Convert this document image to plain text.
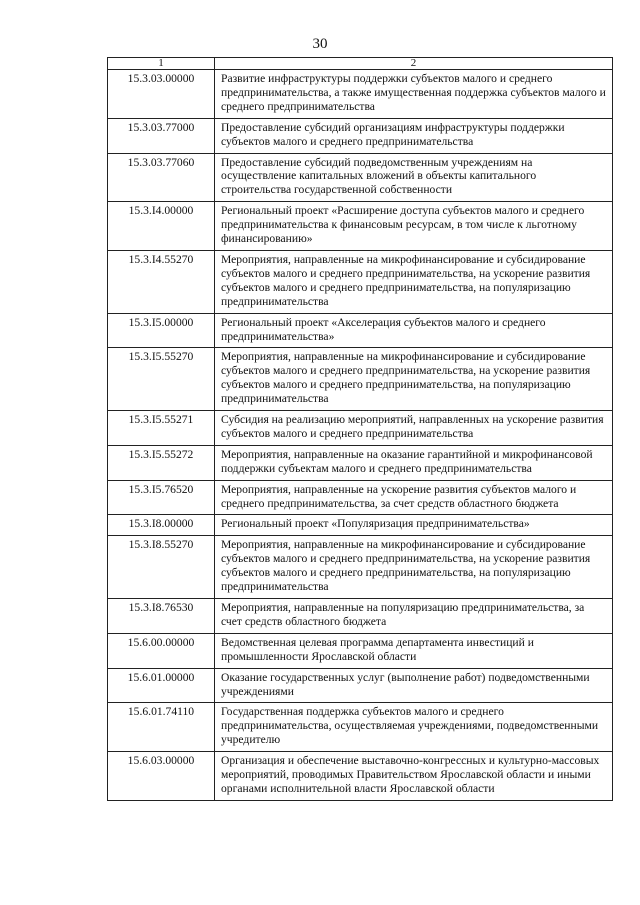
30
1	2
15.3.03.00000	Развитие инфраструктуры поддержки субъектов малого и среднего предпринимательства, а также имущественная поддержка субъектов малого и среднего предпринимательства
15.3.03.77000	Предоставление субсидий организациям инфраструктуры поддержки субъектов малого и среднего предпринимательства
15.3.03.77060	Предоставление субсидий подведомственным учреждениям на осуществление капитальных вложений в объекты капитального строительства государственной собственности
15.3.I4.00000	Региональный проект «Расширение доступа субъектов малого и среднего предпринимательства к финансовым ресурсам, в том числе к льготному финансированию»
15.3.I4.55270	Мероприятия, направленные на микрофинансирование и субсидирование субъектов малого и среднего предпринимательства, на ускорение развития субъектов малого и среднего предпринимательства, на популяризацию предпринимательства
15.3.I5.00000	Региональный проект «Акселерация субъектов малого и среднего предпринимательства»
15.3.I5.55270	Мероприятия, направленные на микрофинансирование и субсидирование субъектов малого и среднего предпринимательства, на ускорение развития субъектов малого и среднего предпринимательства, на популяризацию предпринимательства
15.3.I5.55271	Субсидия на реализацию мероприятий, направленных на ускорение развития субъектов малого и среднего предпринимательства
15.3.I5.55272	Мероприятия, направленные на оказание гарантийной и микрофинансовой поддержки субъектам малого и среднего предпринимательства
15.3.I5.76520	Мероприятия, направленные на ускорение развития субъектов малого и среднего предпринимательства, за счет средств областного бюджета
15.3.I8.00000	Региональный проект «Популяризация предпринимательства»
15.3.I8.55270	Мероприятия, направленные на микрофинансирование и субсидирование субъектов малого и среднего предпринимательства, на ускорение развития субъектов малого и среднего предпринимательства, на популяризацию предпринимательства
15.3.I8.76530	Мероприятия, направленные на популяризацию предпринимательства, за счет средств областного бюджета
15.6.00.00000	Ведомственная целевая программа департамента инвестиций и промышленности Ярославской области
15.6.01.00000	Оказание государственных услуг (выполнение работ) подведомственными учреждениями
15.6.01.74110	Государственная поддержка субъектов малого и среднего предпринимательства, осуществляемая учреждениями, подведомственными учредителю
15.6.03.00000	Организация и обеспечение выставочно-конгрессных и культурно-массовых мероприятий, проводимых Правительством Ярославской области и иными органами исполнительной власти Ярославской области
